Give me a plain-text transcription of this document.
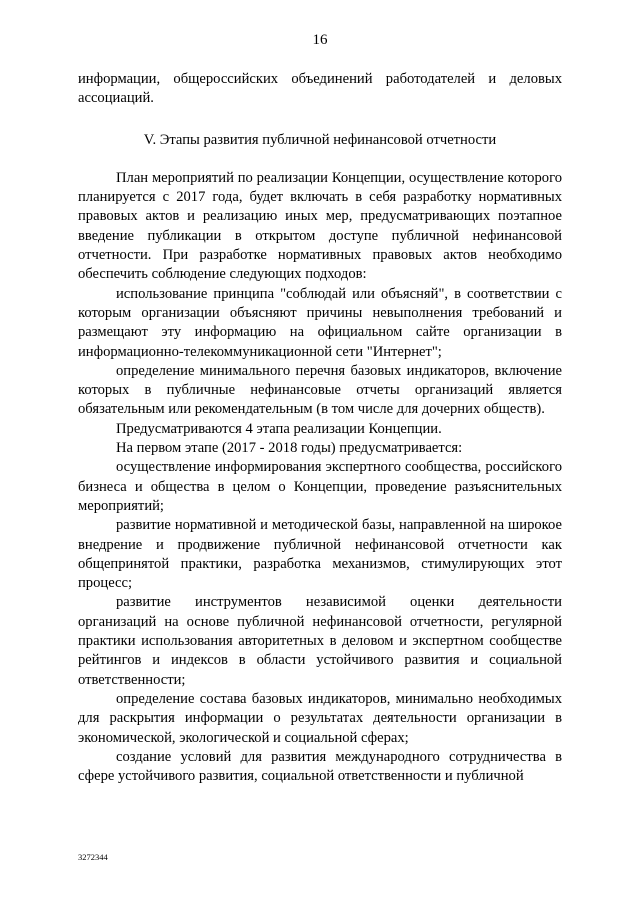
16

информации, общероссийских объединений работодателей и деловых ассоциаций.

V. Этапы развития публичной нефинансовой отчетности

План мероприятий по реализации Концепции, осуществление которого планируется с 2017 года, будет включать в себя разработку нормативных правовых актов и реализацию иных мер, предусматривающих поэтапное введение публикации в открытом доступе публичной нефинансовой отчетности. При разработке нормативных правовых актов необходимо обеспечить соблюдение следующих подходов:

использование принципа "соблюдай или объясняй", в соответствии с которым организации объясняют причины невыполнения требований и размещают эту информацию на официальном сайте организации в информационно-телекоммуникационной сети "Интернет";

определение минимального перечня базовых индикаторов, включение которых в публичные нефинансовые отчеты организаций является обязательным или рекомендательным (в том числе для дочерних обществ).

Предусматриваются 4 этапа реализации Концепции.

На первом этапе (2017 - 2018 годы) предусматривается:

осуществление информирования экспертного сообщества, российского бизнеса и общества в целом о Концепции, проведение разъяснительных мероприятий;

развитие нормативной и методической базы, направленной на широкое внедрение и продвижение публичной нефинансовой отчетности как общепринятой практики, разработка механизмов, стимулирующих этот процесс;

развитие инструментов независимой оценки деятельности организаций на основе публичной нефинансовой отчетности, регулярной практики использования авторитетных в деловом и экспертном сообществе рейтингов и индексов в области устойчивого развития и социальной ответственности;

определение состава базовых индикаторов, минимально необходимых для раскрытия информации о результатах деятельности организации в экономической, экологической и социальной сферах;

создание условий для развития международного сотрудничества в сфере устойчивого развития, социальной ответственности и публичной

3272344
